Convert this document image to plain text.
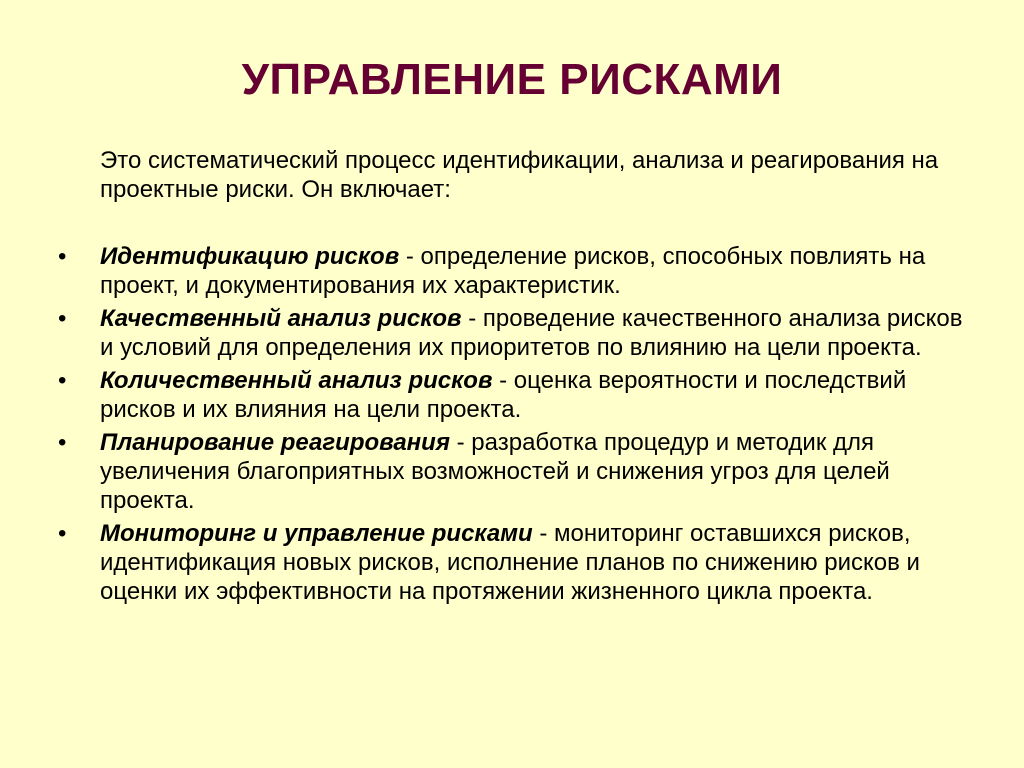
УПРАВЛЕНИЕ РИСКАМИ
Это систематический процесс идентификации, анализа и реагирования на проектные риски. Он включает:
•	Идентификацию рисков - определение рисков, способных повлиять на проект, и документирования их характеристик.
•	Качественный анализ рисков - проведение качественного анализа рисков и условий для определения их приоритетов по влиянию на цели проекта.
•	Количественный анализ рисков - оценка вероятности и последствий рисков и их влияния на цели проекта.
•	Планирование реагирования - разработка процедур и методик для увеличения благоприятных возможностей и снижения угроз для целей проекта.
•	Мониторинг и управление рисками - мониторинг оставшихся рисков, идентификация новых рисков, исполнение планов по снижению рисков и оценки их эффективности на протяжении жизненного цикла проекта.
